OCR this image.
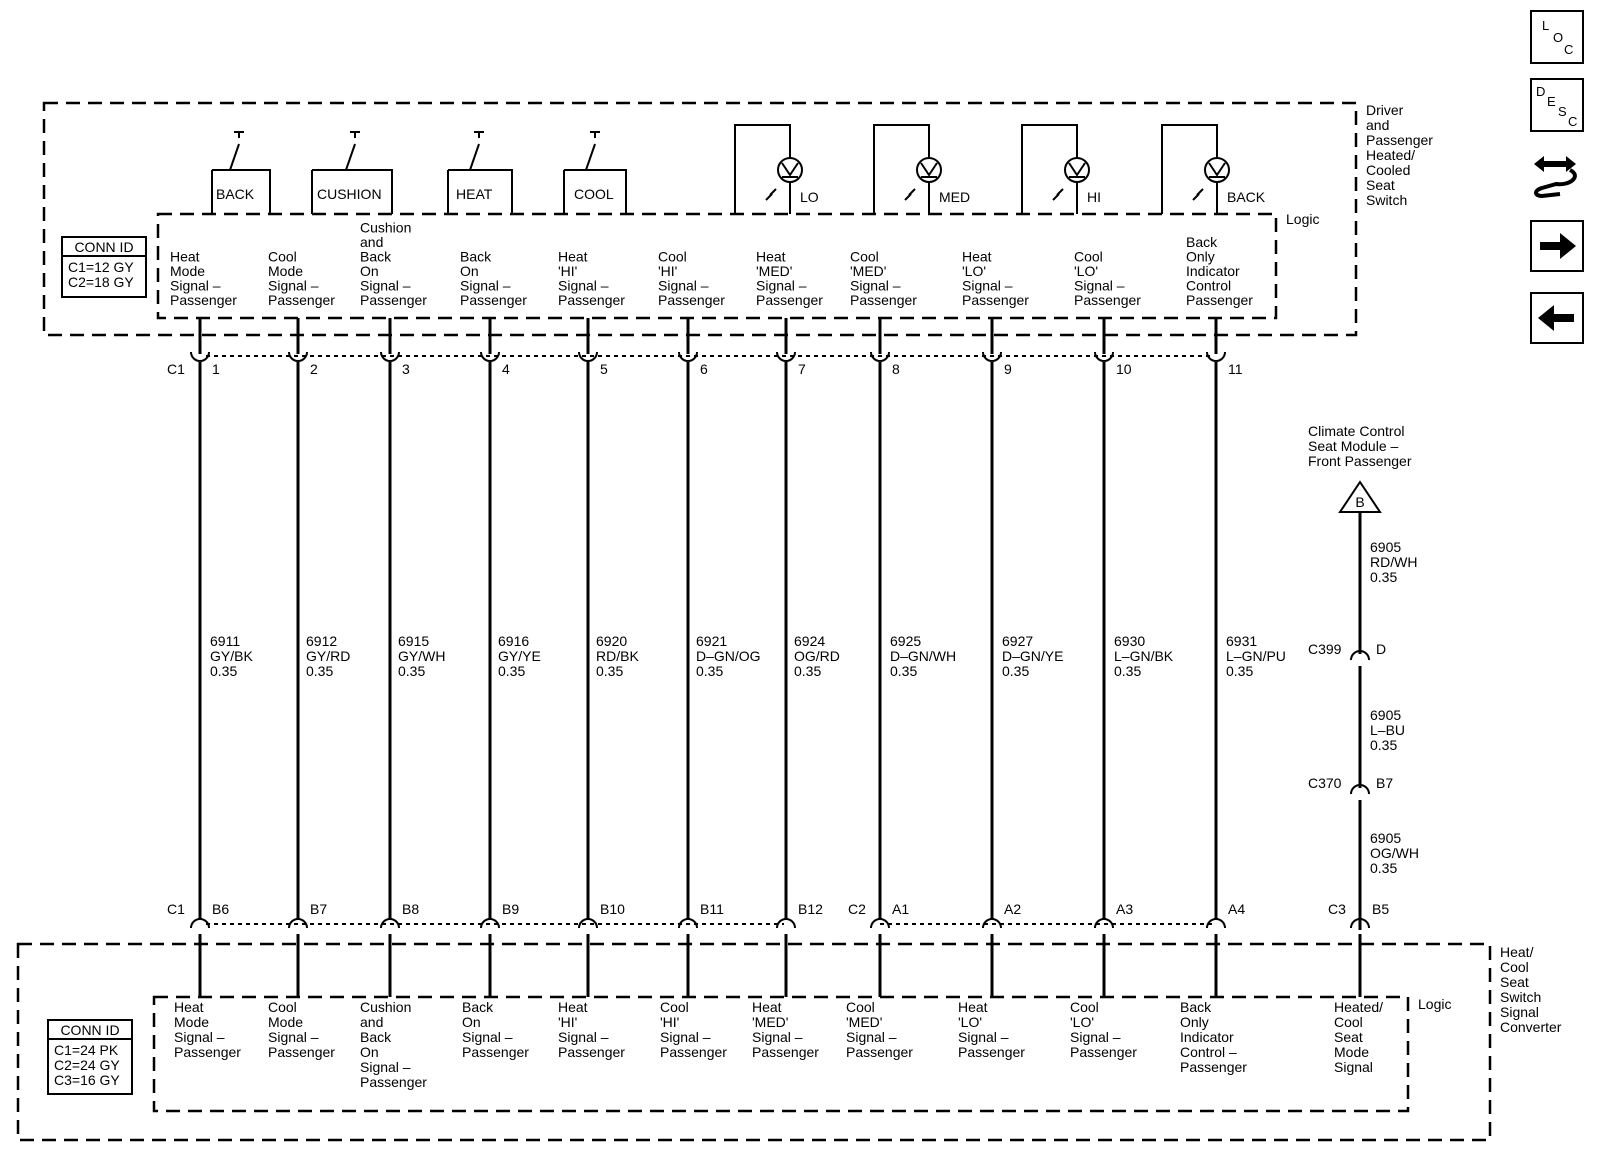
Driver and Passenger Heated/ Cooled Seat Switch
Logic
CONN ID
C1=12 GY
C2=18 GY
BACK	CUSHION	HEAT	COOL	LO	MED	HI	BACK
Heat Mode Signal – Passenger
Cool Mode Signal – Passenger
Cushion and Back On Signal – Passenger
Back On Signal – Passenger
Heat 'HI' Signal – Passenger
Cool 'HI' Signal – Passenger
Heat 'MED' Signal – Passenger
Cool 'MED' Signal – Passenger
Heat 'LO' Signal – Passenger
Cool 'LO' Signal – Passenger
Back Only Indicator Control Passenger
1
B6
6911 GY/BK 0.35
2
B7
6912 GY/RD 0.35
3
B8
6915 GY/WH 0.35
4
B9
6916 GY/YE 0.35
5
B10
6920 RD/BK 0.35
6
B11
6921 D–GN/OG 0.35
7
B12
6924 OG/RD 0.35
8
A1
6925 D–GN/WH 0.35
9
A2
6927 D–GN/YE 0.35
10
A3
6930 L–GN/BK 0.35
11
A4
6931 L–GN/PU 0.35
B5
Heat Mode Signal – Passenger
Cool Mode Signal – Passenger
Cushion and Back On Signal – Passenger
Back On Signal – Passenger
Heat 'HI' Signal – Passenger
Cool 'HI' Signal – Passenger
Heat 'MED' Signal – Passenger
Cool 'MED' Signal – Passenger
Heat 'LO' Signal – Passenger
Cool 'LO' Signal – Passenger
Back Only Indicator Control – Passenger
Heated/ Cool Seat Mode Signal
C1
C1	C2	C3
Climate Control Seat Module – Front Passenger
B
6905 RD/WH 0.35
6905 L–BU 0.35
6905 OG/WH 0.35
C399 D
C370 B7
Heat/ Cool Seat Switch Signal Converter
Logic
CONN ID
C1=24 PK
C2=24 GY
C3=16 GY
L
O
C
D
E
S
C
